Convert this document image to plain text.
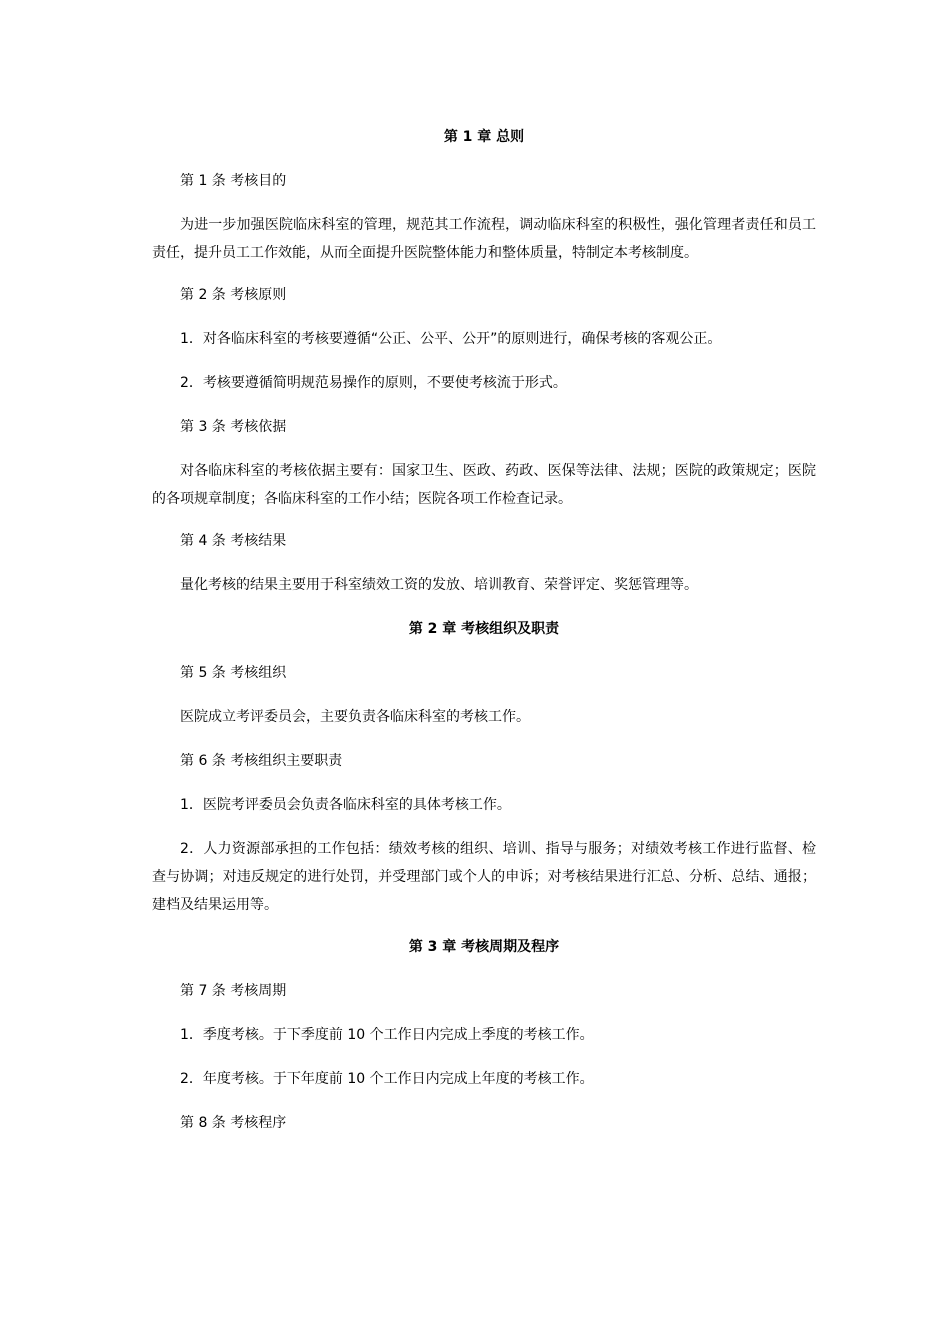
第 1 章 总则
第 1 条 考核目的
为进一步加强医院临床科室的管理，规范其工作流程，调动临床科室的积极性，强化管理者责任和员工责任，提升员工工作效能，从而全面提升医院整体能力和整体质量，特制定本考核制度。
第 2 条 考核原则
1．对各临床科室的考核要遵循“公正、公平、公开”的原则进行，确保考核的客观公正。
2．考核要遵循简明规范易操作的原则，不要使考核流于形式。
第 3 条 考核依据
对各临床科室的考核依据主要有：国家卫生、医政、药政、医保等法律、法规；医院的政策规定；医院的各项规章制度；各临床科室的工作小结；医院各项工作检查记录。
第 4 条 考核结果
量化考核的结果主要用于科室绩效工资的发放、培训教育、荣誉评定、奖惩管理等。
第 2 章 考核组织及职责
第 5 条 考核组织
医院成立考评委员会，主要负责各临床科室的考核工作。
第 6 条 考核组织主要职责
1．医院考评委员会负责各临床科室的具体考核工作。
2．人力资源部承担的工作包括：绩效考核的组织、培训、指导与服务；对绩效考核工作进行监督、检查与协调；对违反规定的进行处罚，并受理部门或个人的申诉；对考核结果进行汇总、分析、总结、通报；建档及结果运用等。
第 3 章 考核周期及程序
第 7 条 考核周期
1．季度考核。于下季度前 10 个工作日内完成上季度的考核工作。
2．年度考核。于下年度前 10 个工作日内完成上年度的考核工作。
第 8 条 考核程序
